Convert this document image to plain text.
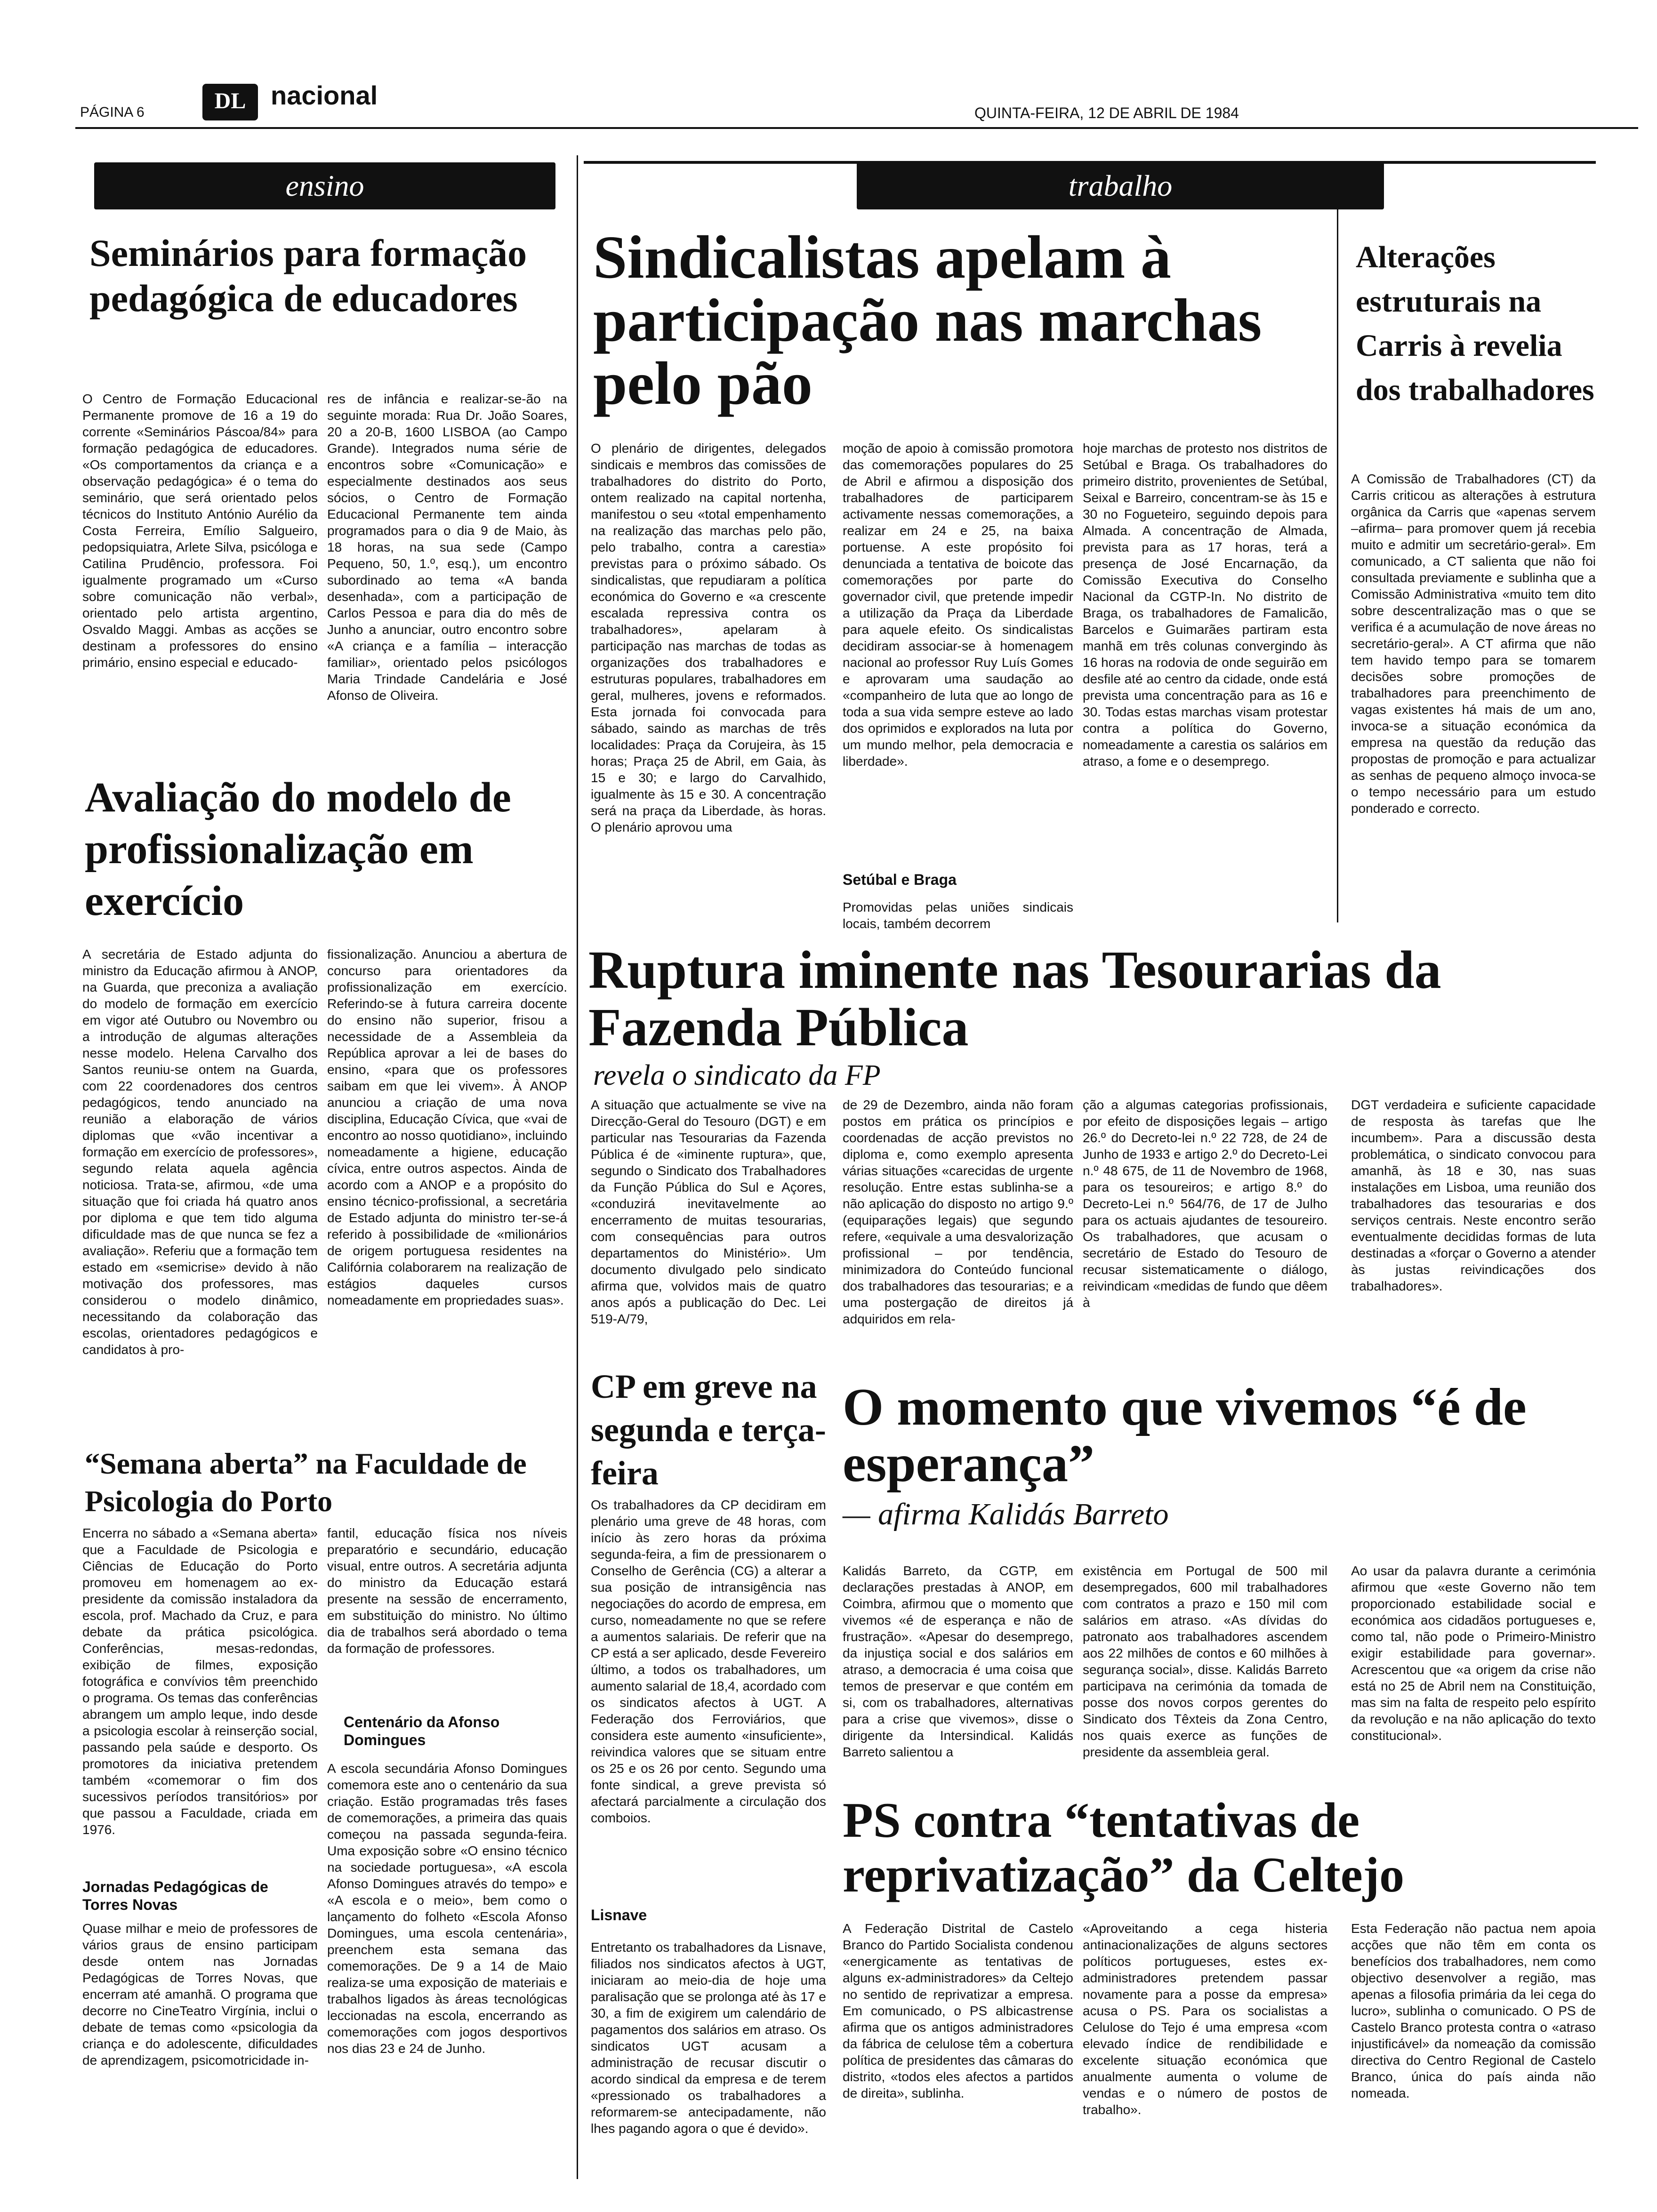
PÁGINA 6	DL nacional
QUINTA-FEIRA, 12 DE ABRIL DE 1984
ensino	trabalho
Seminários para formação pedagógica de educadores
O Centro de Formação Educacional Permanente promove de 16 a 19 do corrente «Seminários Páscoa/84» para formação pedagógica de educadores. «Os comportamentos da criança e a observação pedagógica» é o tema do seminário, que será orientado pelos técnicos do Instituto António Aurélio da Costa Ferreira, Emílio Salgueiro, pedopsiquiatra, Arlete Silva, psicóloga e Catilina Prudêncio, professora. Foi igualmente programado um «Curso sobre comunicação não verbal», orientado pelo artista argentino, Osvaldo Maggi. Ambas as acções se destinam a professores do ensino primário, ensino especial e educado-
res de infância e realizar-se-ão na seguinte morada: Rua Dr. João Soares, 20 a 20-B, 1600 LISBOA (ao Campo Grande). Integrados numa série de encontros sobre «Comunicação» e especialmente destinados aos seus sócios, o Centro de Formação Educacional Permanente tem ainda programados para o dia 9 de Maio, às 18 horas, na sua sede (Campo Pequeno, 50, 1.º, esq.), um encontro subordinado ao tema «A banda desenhada», com a participação de Carlos Pessoa e para dia do mês de Junho a anunciar, outro encontro sobre «A criança e a família – interacção familiar», orientado pelos psicólogos Maria Trindade Candelária e José Afonso de Oliveira.
Avaliação do modelo de profissionalização em exercício
A secretária de Estado adjunta do ministro da Educação afirmou à ANOP, na Guarda, que preconiza a avaliação do modelo de formação em exercício em vigor até Outubro ou Novembro ou a introdução de algumas alterações nesse modelo. Helena Carvalho dos Santos reuniu-se ontem na Guarda, com 22 coordenadores dos centros pedagógicos, tendo anunciado na reunião a elaboração de vários diplomas que «vão incentivar a formação em exercício de professores», segundo relata aquela agência noticiosa. Trata-se, afirmou, «de uma situação que foi criada há quatro anos por diploma e que tem tido alguma dificuldade mas de que nunca se fez a avaliação». Referiu que a formação tem estado em «semicrise» devido à não motivação dos professores, mas considerou o modelo dinâmico, necessitando da colaboração das escolas, orientadores pedagógicos e candidatos à pro-
fissionalização. Anunciou a abertura de concurso para orientadores da profissionalização em exercício. Referindo-se à futura carreira docente do ensino não superior, frisou a necessidade de a Assembleia da República aprovar a lei de bases do ensino, «para que os professores saibam em que lei vivem». À ANOP anunciou a criação de uma nova disciplina, Educação Cívica, que «vai de encontro ao nosso quotidiano», incluindo nomeadamente a higiene, educação cívica, entre outros aspectos. Ainda de acordo com a ANOP e a propósito do ensino técnico-profissional, a secretária de Estado adjunta do ministro ter-se-á referido à possibilidade de «milionários de origem portuguesa residentes na Califórnia colaborarem na realização de estágios daqueles cursos nomeadamente em propriedades suas».
“Semana aberta” na Faculdade de Psicologia do Porto
Encerra no sábado a «Semana aberta» que a Faculdade de Psicologia e Ciências de Educação do Porto promoveu em homenagem ao ex-presidente da comissão instaladora da escola, prof. Machado da Cruz, e para debate da prática psicológica. Conferências, mesas-redondas, exibição de filmes, exposição fotográfica e convívios têm preenchido o programa. Os temas das conferências abrangem um amplo leque, indo desde a psicologia escolar à reinserção social, passando pela saúde e desporto. Os promotores da iniciativa pretendem também «comemorar o fim dos sucessivos períodos transitórios» por que passou a Faculdade, criada em 1976.
Jornadas Pedagógicas de Torres Novas
Quase milhar e meio de professores de vários graus de ensino participam desde ontem nas Jornadas Pedagógicas de Torres Novas, que encerram até amanhã. O programa que decorre no CineTeatro Virgínia, inclui o debate de temas como «psicologia da criança e do adolescente, dificuldades de aprendizagem, psicomotricidade in-
fantil, educação física nos níveis preparatório e secundário, educação visual, entre outros. A secretária adjunta do ministro da Educação estará presente na sessão de encerramento, em substituição do ministro. No último dia de trabalhos será abordado o tema da formação de professores.
Centenário da Afonso Domingues
A escola secundária Afonso Domingues comemora este ano o centenário da sua criação. Estão programadas três fases de comemorações, a primeira das quais começou na passada segunda-feira. Uma exposição sobre «O ensino técnico na sociedade portuguesa», «A escola Afonso Domingues através do tempo» e «A escola e o meio», bem como o lançamento do folheto «Escola Afonso Domingues, uma escola centenária», preenchem esta semana das comemorações. De 9 a 14 de Maio realiza-se uma exposição de materiais e trabalhos ligados às áreas tecnológicas leccionadas na escola, encerrando as comemorações com jogos desportivos nos dias 23 e 24 de Junho.
Sindicalistas apelam à participação nas marchas pelo pão
O plenário de dirigentes, delegados sindicais e membros das comissões de trabalhadores do distrito do Porto, ontem realizado na capital nortenha, manifestou o seu «total empenhamento na realização das marchas pelo pão, pelo trabalho, contra a carestia» previstas para o próximo sábado. Os sindicalistas, que repudiaram a política económica do Governo e «a crescente escalada repressiva contra os trabalhadores», apelaram à participação nas marchas de todas as organizações dos trabalhadores e estruturas populares, trabalhadores em geral, mulheres, jovens e reformados. Esta jornada foi convocada para sábado, saindo as marchas de três localidades: Praça da Corujeira, às 15 horas; Praça 25 de Abril, em Gaia, às 15 e 30; e largo do Carvalhido, igualmente às 15 e 30. A concentração será na praça da Liberdade, às horas. O plenário aprovou uma
moção de apoio à comissão promotora das comemorações populares do 25 de Abril e afirmou a disposição dos trabalhadores de participarem activamente nessas comemorações, a realizar em 24 e 25, na baixa portuense. A este propósito foi denunciada a tentativa de boicote das comemorações por parte do governador civil, que pretende impedir a utilização da Praça da Liberdade para aquele efeito. Os sindicalistas decidiram associar-se à homenagem nacional ao professor Ruy Luís Gomes e aprovaram uma saudação ao «companheiro de luta que ao longo de toda a sua vida sempre esteve ao lado dos oprimidos e explorados na luta por um mundo melhor, pela democracia e liberdade».
Setúbal e Braga
Promovidas pelas uniões sindicais locais, também decorrem
hoje marchas de protesto nos distritos de Setúbal e Braga. Os trabalhadores do primeiro distrito, provenientes de Setúbal, Seixal e Barreiro, concentram-se às 15 e 30 no Fogueteiro, seguindo depois para Almada. A concentração de Almada, prevista para as 17 horas, terá a presença de José Encarnação, da Comissão Executiva do Conselho Nacional da CGTP-In. No distrito de Braga, os trabalhadores de Famalicão, Barcelos e Guimarães partiram esta manhã em três colunas convergindo às 16 horas na rodovia de onde seguirão em desfile até ao centro da cidade, onde está prevista uma concentração para as 16 e 30. Todas estas marchas visam protestar contra a política do Governo, nomeadamente a carestia os salários em atraso, a fome e o desemprego.
Alterações estruturais na Carris à revelia dos trabalhadores
A Comissão de Trabalhadores (CT) da Carris criticou as alterações à estrutura orgânica da Carris que «apenas servem –afirma– para promover quem já recebia muito e admitir um secretário-geral». Em comunicado, a CT salienta que não foi consultada previamente e sublinha que a Comissão Administrativa «muito tem dito sobre descentralização mas o que se verifica é a acumulação de nove áreas no secretário-geral». A CT afirma que não tem havido tempo para se tomarem decisões sobre promoções de trabalhadores para preenchimento de vagas existentes há mais de um ano, invoca-se a situação económica da empresa na questão da redução das propostas de promoção e para actualizar as senhas de pequeno almoço invoca-se o tempo necessário para um estudo ponderado e correcto.
Ruptura iminente nas Tesourarias da Fazenda Pública
revela o sindicato da FP
A situação que actualmente se vive na Direcção-Geral do Tesouro (DGT) e em particular nas Tesourarias da Fazenda Pública é de «iminente ruptura», que, segundo o Sindicato dos Trabalhadores da Função Pública do Sul e Açores, «conduzirá inevitavelmente ao encerramento de muitas tesourarias, com consequências para outros departamentos do Ministério». Um documento divulgado pelo sindicato afirma que, volvidos mais de quatro anos após a publicação do Dec. Lei 519-A/79,
de 29 de Dezembro, ainda não foram postos em prática os princípios e coordenadas de acção previstos no diploma e, como exemplo apresenta várias situações «carecidas de urgente resolução. Entre estas sublinha-se a não aplicação do disposto no artigo 9.º (equiparações legais) que segundo refere, «equivale a uma desvalorização profissional – por tendência, minimizadora do Conteúdo funcional dos trabalhadores das tesourarias; e a uma postergação de direitos já adquiridos em rela-
ção a algumas categorias profissionais, por efeito de disposições legais – artigo 26.º do Decreto-lei n.º 22 728, de 24 de Junho de 1933 e artigo 2.º do Decreto-Lei n.º 48 675, de 11 de Novembro de 1968, para os tesoureiros; e artigo 8.º do Decreto-Lei n.º 564/76, de 17 de Julho para os actuais ajudantes de tesoureiro. Os trabalhadores, que acusam o secretário de Estado do Tesouro de recusar sistematicamente o diálogo, reivindicam «medidas de fundo que dêem à
DGT verdadeira e suficiente capacidade de resposta às tarefas que lhe incumbem». Para a discussão desta problemática, o sindicato convocou para amanhã, às 18 e 30, nas suas instalações em Lisboa, uma reunião dos trabalhadores das tesourarias e dos serviços centrais. Neste encontro serão eventualmente decididas formas de luta destinadas a «forçar o Governo a atender às justas reivindicações dos trabalhadores».
CP em greve na segunda e terça-feira
Os trabalhadores da CP decidiram em plenário uma greve de 48 horas, com início às zero horas da próxima segunda-feira, a fim de pressionarem o Conselho de Gerência (CG) a alterar a sua posição de intransigência nas negociações do acordo de empresa, em curso, nomeadamente no que se refere a aumentos salariais. De referir que na CP está a ser aplicado, desde Fevereiro último, a todos os trabalhadores, um aumento salarial de 18,4, acordado com os sindicatos afectos à UGT. A Federação dos Ferroviários, que considera este aumento «insuficiente», reivindica valores que se situam entre os 25 e os 26 por cento. Segundo uma fonte sindical, a greve prevista só afectará parcialmente a circulação dos comboios.
Lisnave
Entretanto os trabalhadores da Lisnave, filiados nos sindicatos afectos à UGT, iniciaram ao meio-dia de hoje uma paralisação que se prolonga até às 17 e 30, a fim de exigirem um calendário de pagamentos dos salários em atraso. Os sindicatos UGT acusam a administração de recusar discutir o acordo sindical da empresa e de terem «pressionado os trabalhadores a reformarem-se antecipadamente, não lhes pagando agora o que é devido».
O momento que vivemos “é de esperança”
— afirma Kalidás Barreto
Kalidás Barreto, da CGTP, em declarações prestadas à ANOP, em Coimbra, afirmou que o momento que vivemos «é de esperança e não de frustração». «Apesar do desemprego, da injustiça social e dos salários em atraso, a democracia é uma coisa que temos de preservar e que contém em si, com os trabalhadores, alternativas para a crise que vivemos», disse o dirigente da Intersindical. Kalidás Barreto salientou a
existência em Portugal de 500 mil desempregados, 600 mil trabalhadores com contratos a prazo e 150 mil com salários em atraso. «As dívidas do patronato aos trabalhadores ascendem aos 22 milhões de contos e 60 milhões à segurança social», disse. Kalidás Barreto participava na cerimónia da tomada de posse dos novos corpos gerentes do Sindicato dos Têxteis da Zona Centro, nos quais exerce as funções de presidente da assembleia geral.
Ao usar da palavra durante a cerimónia afirmou que «este Governo não tem proporcionado estabilidade social e económica aos cidadãos portugueses e, como tal, não pode o Primeiro-Ministro exigir estabilidade para governar». Acrescentou que «a origem da crise não está no 25 de Abril nem na Constituição, mas sim na falta de respeito pelo espírito da revolução e na não aplicação do texto constitucional».
PS contra “tentativas de reprivatização” da Celtejo
A Federação Distrital de Castelo Branco do Partido Socialista condenou «energicamente as tentativas de alguns ex-administradores» da Celtejo no sentido de reprivatizar a empresa. Em comunicado, o PS albicastrense afirma que os antigos administradores da fábrica de celulose têm a cobertura política de presidentes das câmaras do distrito, «todos eles afectos a partidos de direita», sublinha.
«Aproveitando a cega histeria antinacionalizações de alguns sectores políticos portugueses, estes ex-administradores pretendem passar novamente para a posse da empresa» acusa o PS. Para os socialistas a Celulose do Tejo é uma empresa «com elevado índice de rendibilidade e excelente situação económica que anualmente aumenta o volume de vendas e o número de postos de trabalho».
Esta Federação não pactua nem apoia acções que não têm em conta os benefícios dos trabalhadores, nem como objectivo desenvolver a região, mas apenas a filosofia primária da lei cega do lucro», sublinha o comunicado. O PS de Castelo Branco protesta contra o «atraso injustificável» da nomeação da comissão directiva do Centro Regional de Castelo Branco, única do país ainda não nomeada.
